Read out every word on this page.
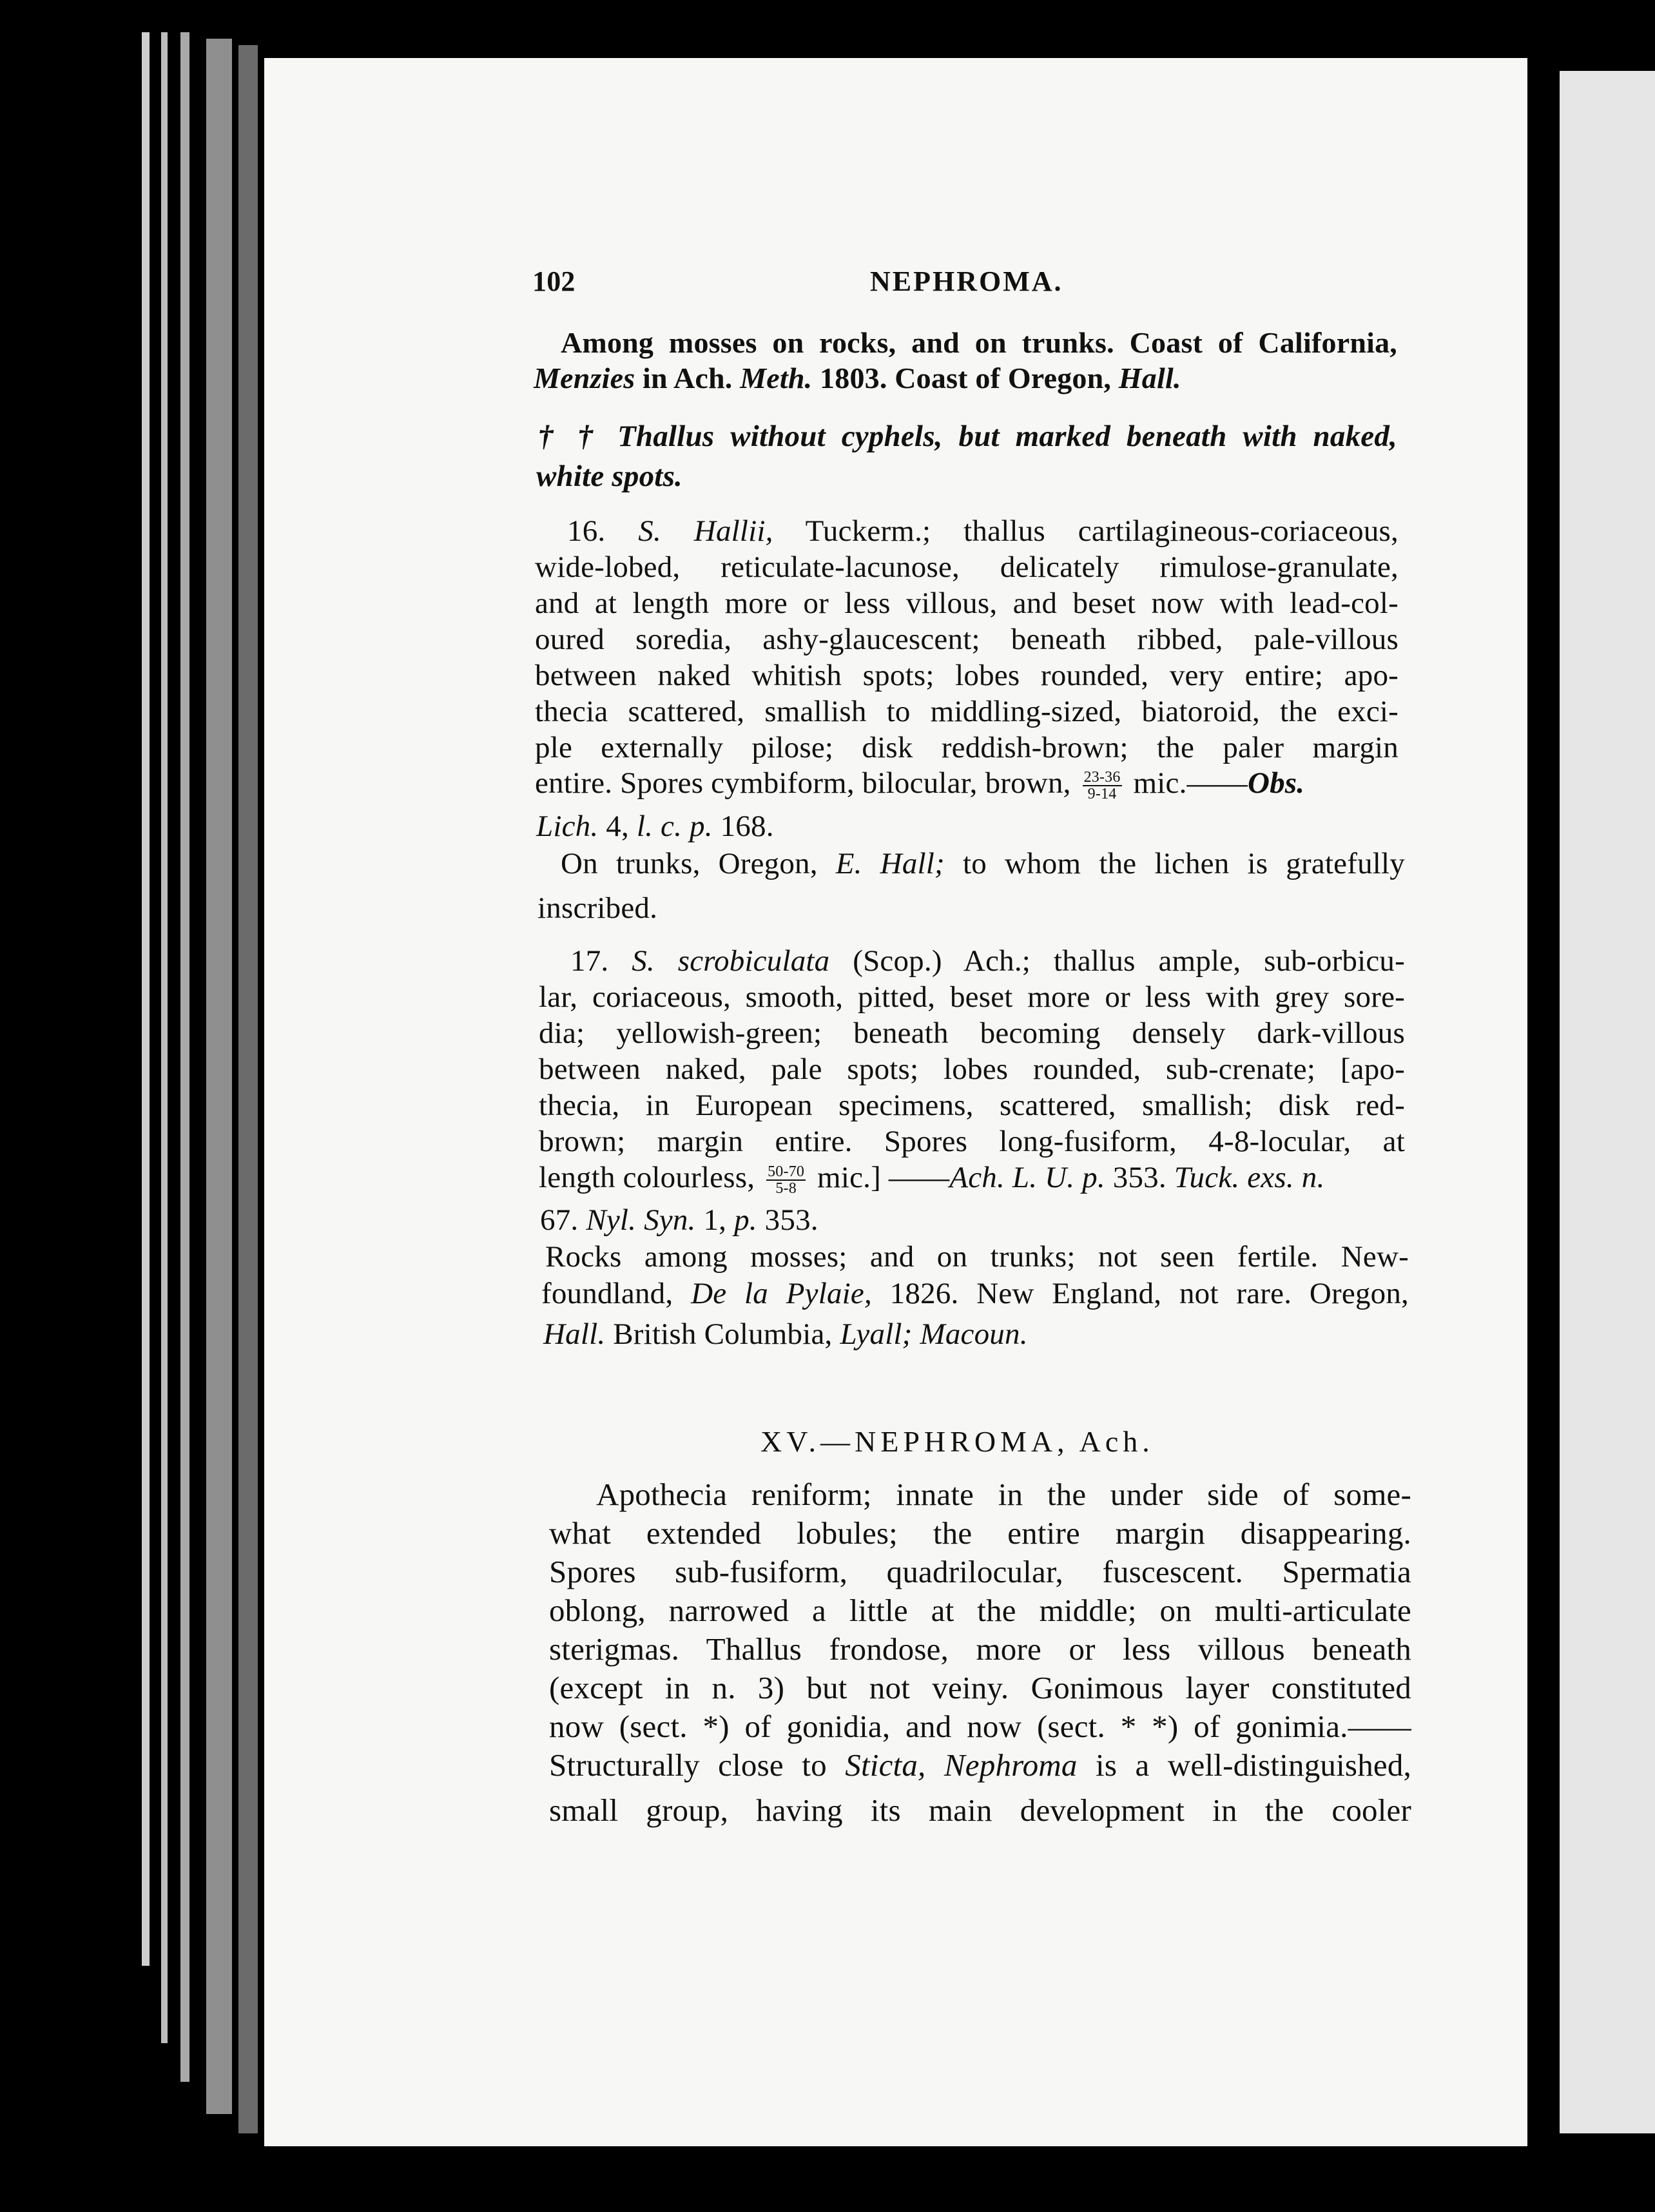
102	NEPHROMA.
Among mosses on rocks, and on trunks. Coast of California,
Menzies in Ach. Meth. 1803. Coast of Oregon, Hall.
† † Thallus without cyphels, but marked beneath with naked,
white spots.
16. S. Hallii, Tuckerm.; thallus cartilagineous-coriaceous,
wide-lobed, reticulate-lacunose, delicately rimulose-granulate,
and at length more or less villous, and beset now with lead-col-
oured soredia, ashy-glaucescent; beneath ribbed, pale-villous
between naked whitish spots; lobes rounded, very entire; apo-
thecia scattered, smallish to middling-sized, biatoroid, the exci-
ple externally pilose; disk reddish-brown; the paler margin
entire. Spores cymbiform, bilocular, brown, $\frac{23-36}{9-14}$ mic.——Obs.
Lich. 4, l. c. p. 168.
On trunks, Oregon, E. Hall; to whom the lichen is gratefully
inscribed.
17. S. scrobiculata (Scop.) Ach.; thallus ample, sub-orbicu-
lar, coriaceous, smooth, pitted, beset more or less with grey sore-
dia; yellowish-green; beneath becoming densely dark-villous
between naked, pale spots; lobes rounded, sub-crenate; [apo-
thecia, in European specimens, scattered, smallish; disk red-
brown; margin entire. Spores long-fusiform, 4-8-locular, at
length colourless, $\frac{50-70}{5-8} mic$.] ——Ach. L. U. p. 353. Tuck. exs. n.
67. Nyl. Syn. 1, p. 353.
Rocks among mosses; and on trunks; not seen fertile. New-
foundland, De la Pylaie, 1826. New England, not rare. Oregon,
Hall. British Columbia, Lyall; Macoun.
XV.—NEPHROMA, Ach.
Apothecia reniform; innate in the under side of some-
what extended lobules; the entire margin disappearing.
Spores sub-fusiform, quadrilocular, fuscescent. Spermatia
oblong, narrowed a little at the middle; on multi-articulate
sterigmas. Thallus frondose, more or less villous beneath
(except in n. 3) but not veiny. Gonimous layer constituted
now (sect. *) of gonidia, and now (sect. * *) of gonimia.——
Structurally close to Sticta, Nephroma is a well-distinguished,
small group, having its main development in the cooler
